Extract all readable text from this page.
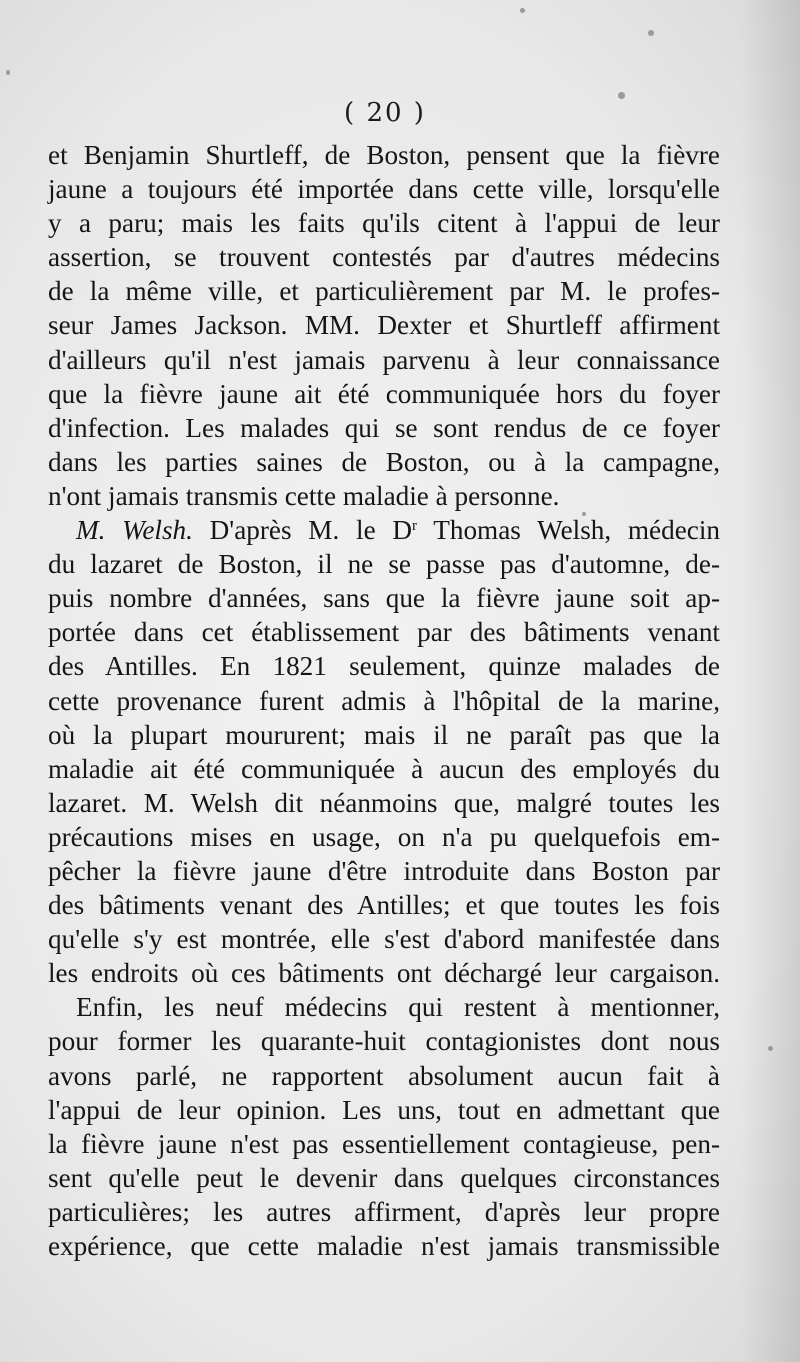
( 20 )
et Benjamin Shurtleff, de Boston, pensent que la fièvre
jaune a toujours été importée dans cette ville, lorsqu'elle
y a paru; mais les faits qu'ils citent à l'appui de leur
assertion, se trouvent contestés par d'autres médecins
de la même ville, et particulièrement par M. le profes-
seur James Jackson. MM. Dexter et Shurtleff affirment
d'ailleurs qu'il n'est jamais parvenu à leur connaissance
que la fièvre jaune ait été communiquée hors du foyer
d'infection. Les malades qui se sont rendus de ce foyer
dans les parties saines de Boston, ou à la campagne,
n'ont jamais transmis cette maladie à personne.
M. Welsh. D'après M. le $D^r$ Thomas Welsh, médecin
du lazaret de Boston, il ne se passe pas d'automne, de-
puis nombre d'années, sans que la fièvre jaune soit ap-
portée dans cet établissement par des bâtiments venant
des Antilles. En 1821 seulement, quinze malades de
cette provenance furent admis à l'hôpital de la marine,
où la plupart moururent; mais il ne paraît pas que la
maladie ait été communiquée à aucun des employés du
lazaret. M. Welsh dit néanmoins que, malgré toutes les
précautions mises en usage, on n'a pu quelquefois em-
pêcher la fièvre jaune d'être introduite dans Boston par
des bâtiments venant des Antilles; et que toutes les fois
qu'elle s'y est montrée, elle s'est d'abord manifestée dans
les endroits où ces bâtiments ont déchargé leur cargaison.
Enfin, les neuf médecins qui restent à mentionner,
pour former les quarante-huit contagionistes dont nous
avons parlé, ne rapportent absolument aucun fait à
l'appui de leur opinion. Les uns, tout en admettant que
la fièvre jaune n'est pas essentiellement contagieuse, pen-
sent qu'elle peut le devenir dans quelques circonstances
particulières; les autres affirment, d'après leur propre
expérience, que cette maladie n'est jamais transmissible
